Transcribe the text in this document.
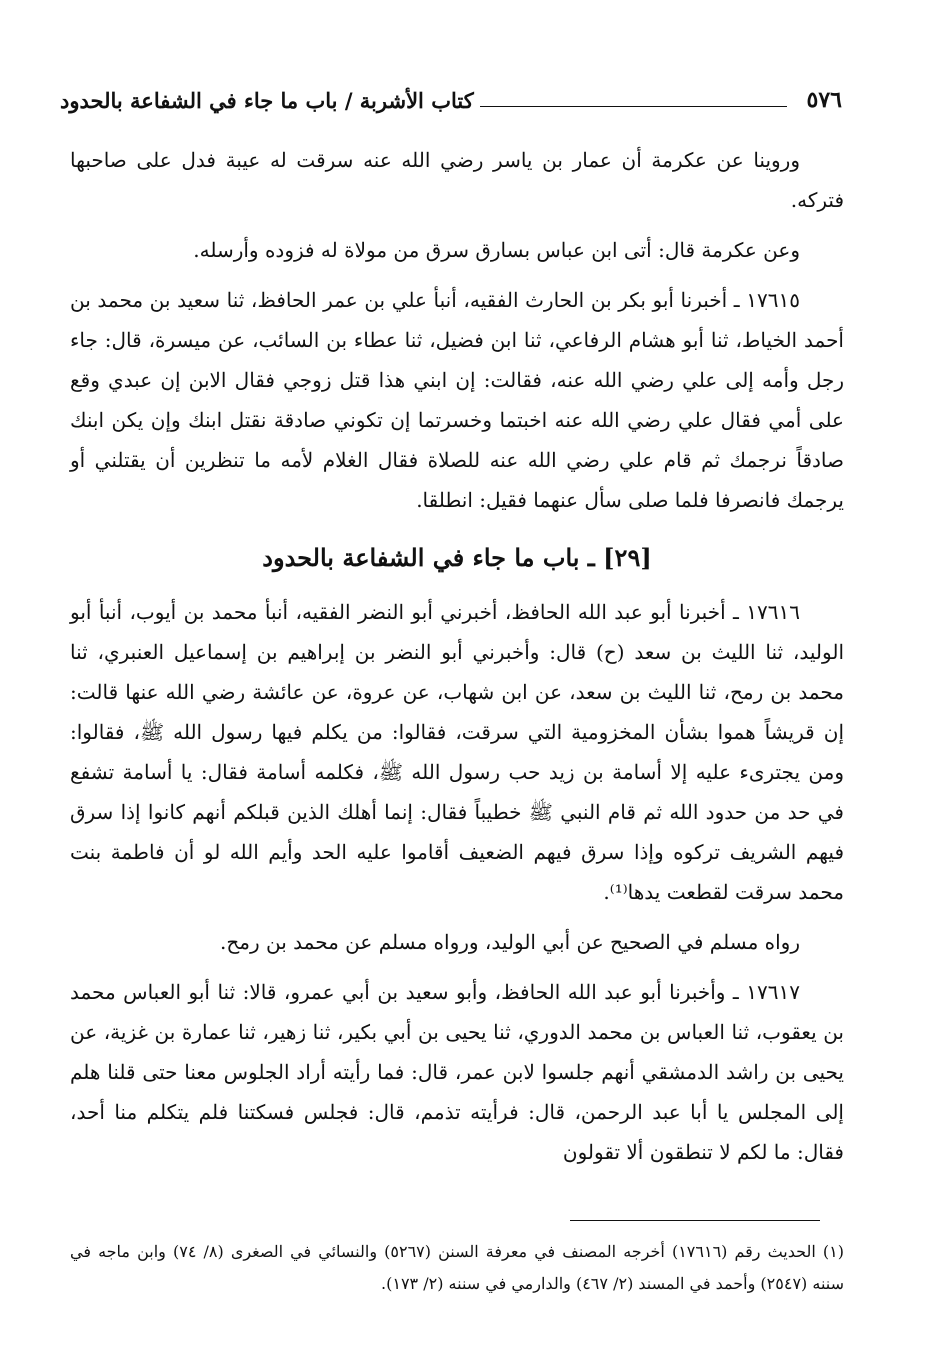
٥٧٦
كتاب الأشربة / باب ما جاء في الشفاعة بالحدود

وروينا عن عكرمة أن عمار بن ياسر رضي الله عنه سرقت له عيبة فدل على صاحبها فتركه.

وعن عكرمة قال: أتى ابن عباس بسارق سرق من مولاة له فزوده وأرسله.

١٧٦١٥ ـ أخبرنا أبو بكر بن الحارث الفقيه، أنبأ علي بن عمر الحافظ، ثنا سعيد بن محمد بن أحمد الخياط، ثنا أبو هشام الرفاعي، ثنا ابن فضيل، ثنا عطاء بن السائب، عن ميسرة، قال: جاء رجل وأمه إلى علي رضي الله عنه، فقالت: إن ابني هذا قتل زوجي فقال الابن إن عبدي وقع على أمي فقال علي رضي الله عنه اخبتما وخسرتما إن تكوني صادقة نقتل ابنك وإن يكن ابنك صادقاً نرجمك ثم قام علي رضي الله عنه للصلاة فقال الغلام لأمه ما تنظرين أن يقتلني أو يرجمك فانصرفا فلما صلى سأل عنهما فقيل: انطلقا.

[٢٩] ـ باب ما جاء في الشفاعة بالحدود

١٧٦١٦ ـ أخبرنا أبو عبد الله الحافظ، أخبرني أبو النضر الفقيه، أنبأ محمد بن أيوب، أنبأ أبو الوليد، ثنا الليث بن سعد (ح) قال: وأخبرني أبو النضر بن إبراهيم بن إسماعيل العنبري، ثنا محمد بن رمح، ثنا الليث بن سعد، عن ابن شهاب، عن عروة، عن عائشة رضي الله عنها قالت: إن قريشاً هموا بشأن المخزومية التي سرقت، فقالوا: من يكلم فيها رسول الله ﷺ، فقالوا: ومن يجترىء عليه إلا أسامة بن زيد حب رسول الله ﷺ، فكلمه أسامة فقال: يا أسامة تشفع في حد من حدود الله ثم قام النبي ﷺ خطيباً فقال: إنما أهلك الذين قبلكم أنهم كانوا إذا سرق فيهم الشريف تركوه وإذا سرق فيهم الضعيف أقاموا عليه الحد وأيم الله لو أن فاطمة بنت محمد سرقت لقطعت يدها⁽¹⁾.

رواه مسلم في الصحيح عن أبي الوليد، ورواه مسلم عن محمد بن رمح.

١٧٦١٧ ـ وأخبرنا أبو عبد الله الحافظ، وأبو سعيد بن أبي عمرو، قالا: ثنا أبو العباس محمد بن يعقوب، ثنا العباس بن محمد الدوري، ثنا يحيى بن أبي بكير، ثنا زهير، ثنا عمارة بن غزية، عن يحيى بن راشد الدمشقي أنهم جلسوا لابن عمر، قال: فما رأيته أراد الجلوس معنا حتى قلنا هلم إلى المجلس يا أبا عبد الرحمن، قال: فرأيته تذمم، قال: فجلس فسكتنا فلم يتكلم منا أحد، فقال: ما لكم لا تنطقون ألا تقولون

(١) الحديث رقم (١٧٦١٦) أخرجه المصنف في معرفة السنن (٥٢٦٧) والنسائي في الصغرى (٨/ ٧٤) وابن ماجه في سننه (٢٥٤٧) وأحمد في المسند (٢/ ٤٦٧) والدارمي في سننه (٢/ ١٧٣).
